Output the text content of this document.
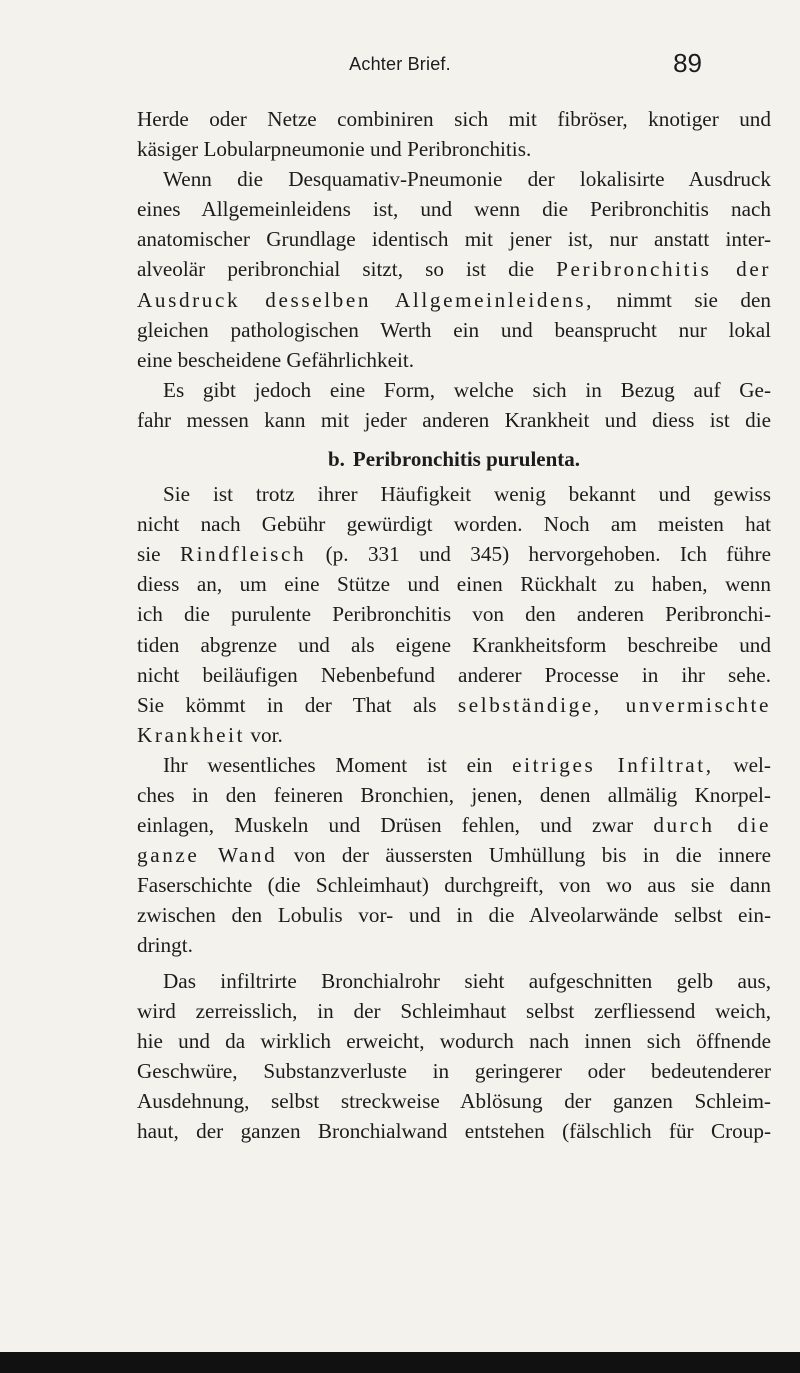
Achter Brief.	89
Herde oder Netze combiniren sich mit fibröser, knotiger und
käsiger Lobularpneumonie und Peribronchitis.
Wenn die Desquamativ-Pneumonie der lokalisirte Ausdruck
eines Allgemeinleidens ist, und wenn die Peribronchitis nach
anatomischer Grundlage identisch mit jener ist, nur anstatt inter-
alveolär peribronchial sitzt, so ist die Peribronchitis der
Ausdruck desselben Allgemeinleidens, nimmt sie den
gleichen pathologischen Werth ein und beansprucht nur lokal
eine bescheidene Gefährlichkeit.
Es gibt jedoch eine Form, welche sich in Bezug auf Ge-
fahr messen kann mit jeder anderen Krankheit und diess ist die
b. Peribronchitis purulenta.
Sie ist trotz ihrer Häufigkeit wenig bekannt und gewiss
nicht nach Gebühr gewürdigt worden. Noch am meisten hat
sie Rindfleisch (p. 331 und 345) hervorgehoben. Ich führe
diess an, um eine Stütze und einen Rückhalt zu haben, wenn
ich die purulente Peribronchitis von den anderen Peribronchi-
tiden abgrenze und als eigene Krankheitsform beschreibe und
nicht beiläufigen Nebenbefund anderer Processe in ihr sehe.
Sie kömmt in der That als selbständige, unvermischte
Krankheit vor.
Ihr wesentliches Moment ist ein eitriges Infiltrat, wel-
ches in den feineren Bronchien, jenen, denen allmälig Knorpel-
einlagen, Muskeln und Drüsen fehlen, und zwar durch die
ganze Wand von der äussersten Umhüllung bis in die innere
Faserschichte (die Schleimhaut) durchgreift, von wo aus sie dann
zwischen den Lobulis vor- und in die Alveolarwände selbst ein-
dringt.
Das infiltrirte Bronchialrohr sieht aufgeschnitten gelb aus,
wird zerreisslich, in der Schleimhaut selbst zerfliessend weich,
hie und da wirklich erweicht, wodurch nach innen sich öffnende
Geschwüre, Substanzverluste in geringerer oder bedeutenderer
Ausdehnung, selbst streckweise Ablösung der ganzen Schleim-
haut, der ganzen Bronchialwand entstehen (fälschlich für Croup-
